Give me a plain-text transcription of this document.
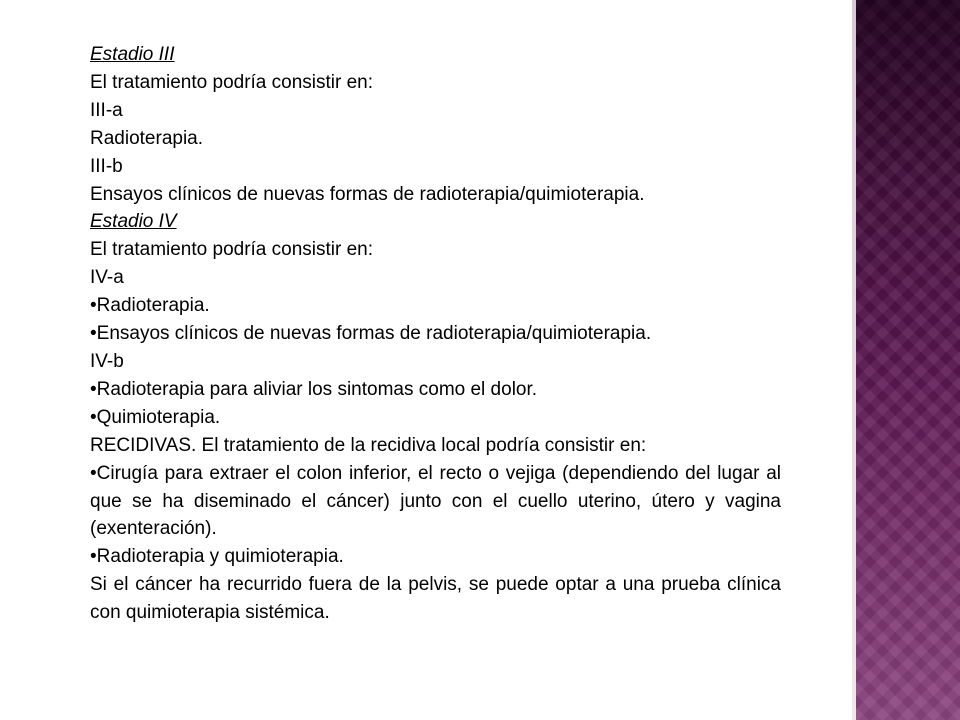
Estadio III

El tratamiento podría consistir en:

III-a

Radioterapia.

III-b

Ensayos clínicos de nuevas formas de radioterapia/quimioterapia.

Estadio IV

El tratamiento podría consistir en:

IV-a

•Radioterapia.

•Ensayos clínicos de nuevas formas de radioterapia/quimioterapia.

IV-b

•Radioterapia para aliviar los sintomas como el dolor.

•Quimioterapia.

RECIDIVAS. El tratamiento de la recidiva local podría consistir en:

•Cirugía para extraer el colon inferior, el recto o vejiga (dependiendo del lugar al que se ha diseminado el cáncer) junto con el cuello uterino, útero y vagina (exenteración).

•Radioterapia y quimioterapia.

Si el cáncer ha recurrido fuera de la pelvis, se puede optar a una prueba clínica con quimioterapia sistémica.
